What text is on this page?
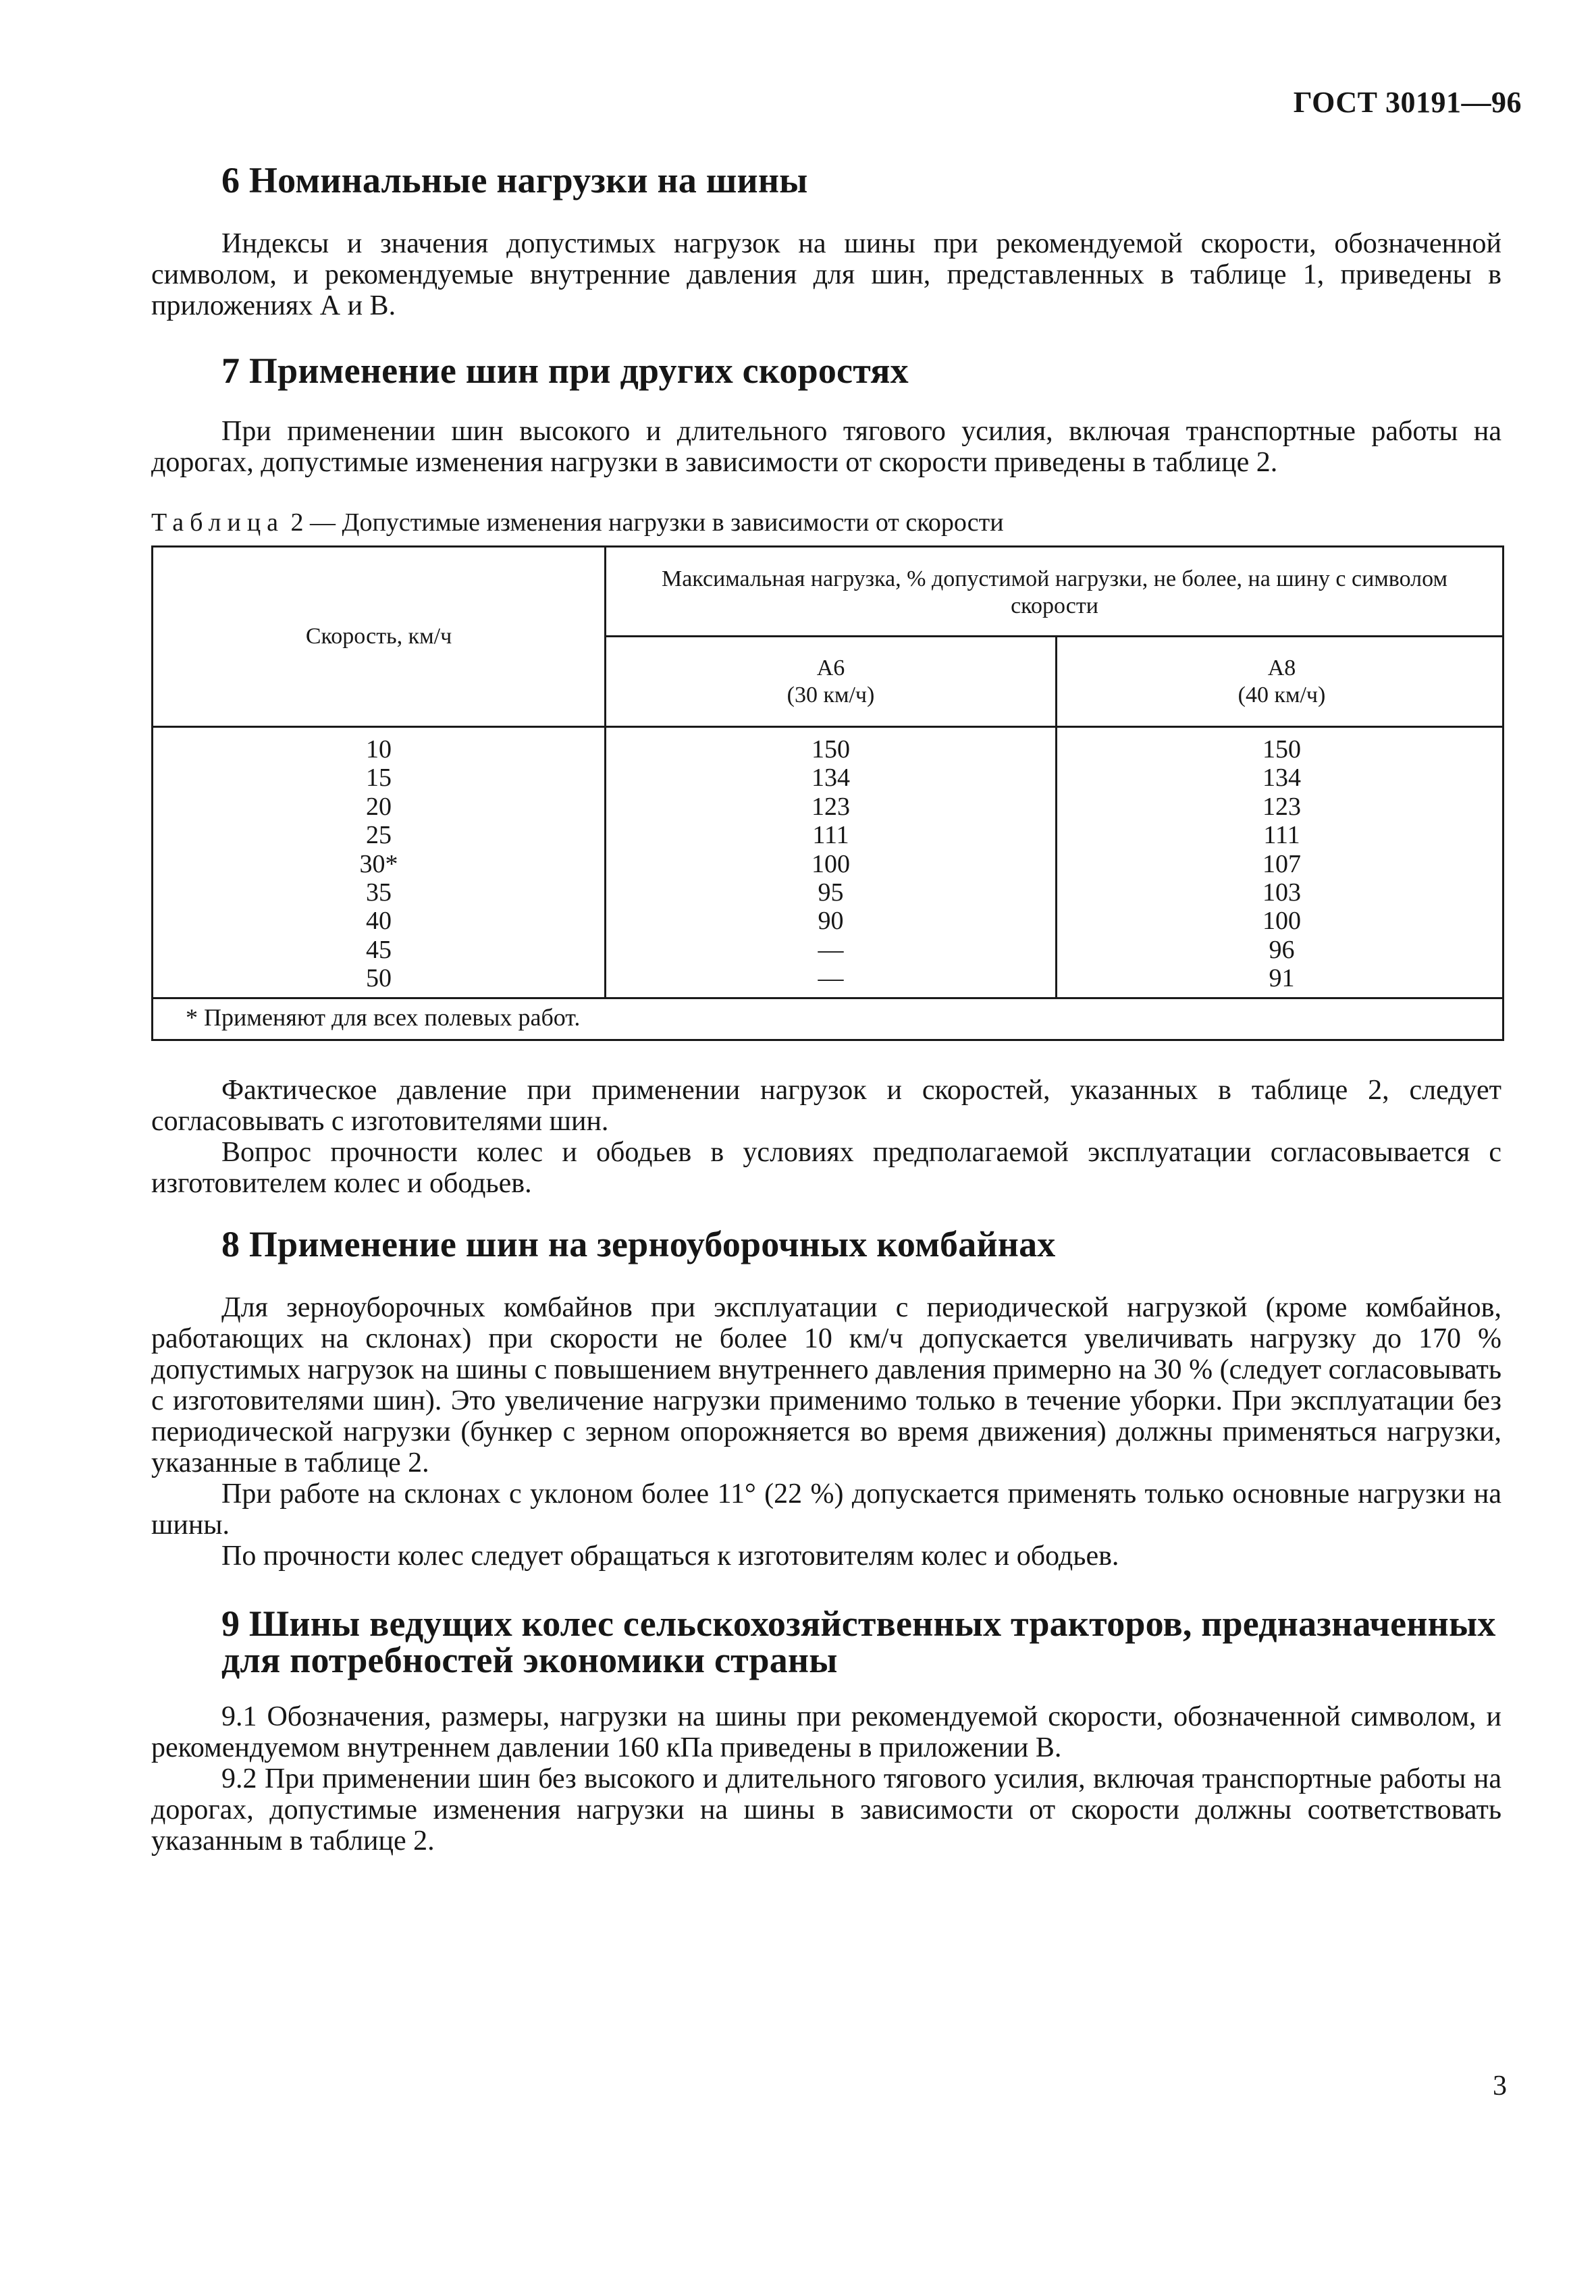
ГОСТ 30191—96
6 Номинальные нагрузки на шины
Индексы и значения допустимых нагрузок на шины при рекомендуемой скорости, обозначенной символом, и рекомендуемые внутренние давления для шин, представленных в таблице 1, приведены в приложениях А и В.
7 Применение шин при других скоростях
При применении шин высокого и длительного тягового усилия, включая транспортные работы на дорогах, допустимые изменения нагрузки в зависимости от скорости приведены в таблице 2.
Таблица 2 — Допустимые изменения нагрузки в зависимости от скорости
Скорость, км/ч
Максимальная нагрузка, % допустимой нагрузки, не более, на шину с символом скорости
А6
(30 км/ч)
А8
(40 км/ч)
10
15
20
25
30*
35
40
45
50
150
134
123
111
100
95
90
—
—
150
134
123
111
107
103
100
96
91
* Применяют для всех полевых работ.
Фактическое давление при применении нагрузок и скоростей, указанных в таблице 2, следует согласовывать с изготовителями шин.
Вопрос прочности колес и ободьев в условиях предполагаемой эксплуатации согласовывается с изготовителем колес и ободьев.
8 Применение шин на зерноуборочных комбайнах
Для зерноуборочных комбайнов при эксплуатации с периодической нагрузкой (кроме комбайнов, работающих на склонах) при скорости не более 10 км/ч допускается увеличивать нагрузку до 170 % допустимых нагрузок на шины с повышением внутреннего давления примерно на 30 % (следует согласовывать с изготовителями шин). Это увеличение нагрузки применимо только в течение уборки. При эксплуатации без периодической нагрузки (бункер с зерном опорожняется во время движения) должны применяться нагрузки, указанные в таблице 2.
При работе на склонах с уклоном более 11° (22 %) допускается применять только основные нагрузки на шины.
По прочности колес следует обращаться к изготовителям колес и ободьев.
9 Шины ведущих колес сельскохозяйственных тракторов, предназначенных
для потребностей экономики страны
9.1 Обозначения, размеры, нагрузки на шины при рекомендуемой скорости, обозначенной символом, и рекомендуемом внутреннем давлении 160 кПа приведены в приложении В.
9.2 При применении шин без высокого и длительного тягового усилия, включая транспортные работы на дорогах, допустимые изменения нагрузки на шины в зависимости от скорости должны соответствовать указанным в таблице 2.
3
